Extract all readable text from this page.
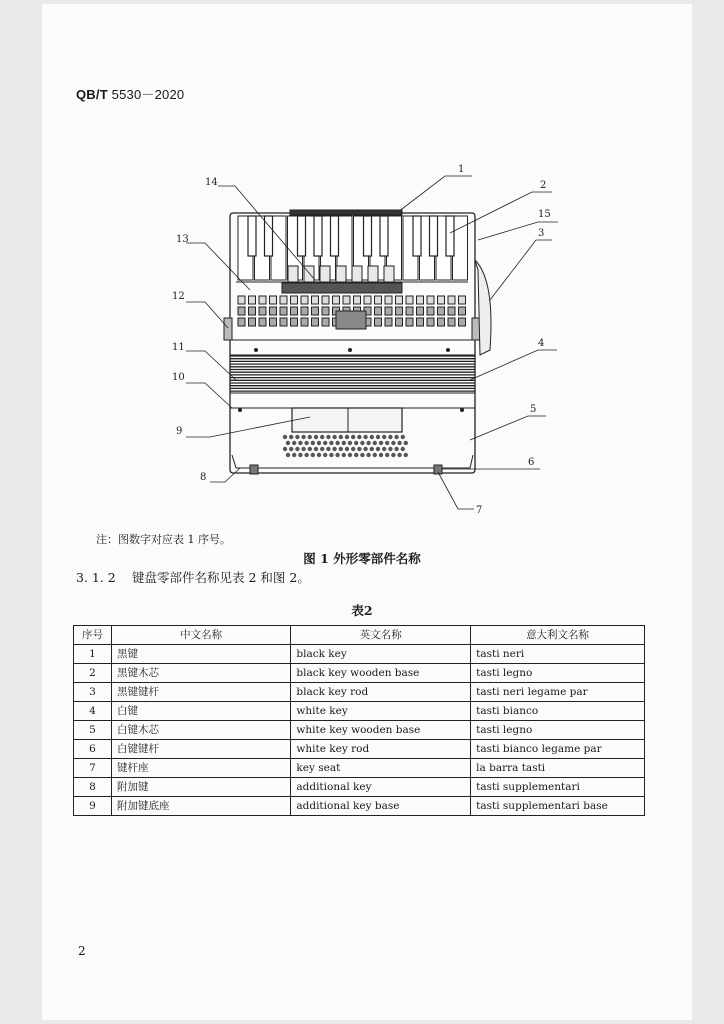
QB/T 5530－2020
1
2
15
3
4
5
6
7
8
9
10
11
12
13
14
注：图数字对应表 1 序号。
图 1 外形零部件名称
3. 1. 2 键盘零部件名称见表 2 和图 2。
表2
序号	中文名称	英文名称	意大利文名称
1	黑键	black key	tasti neri
2	黑键木芯	black key wooden base	tasti legno
3	黑键键杆	black key rod	tasti neri legame par
4	白键	white key	tasti bianco
5	白键木芯	white key wooden base	tasti legno
6	白键键杆	white key rod	tasti bianco legame par
7	键杆座	key seat	la barra tasti
8	附加键	additional key	tasti supplementari
9	附加键底座	additional key base	tasti supplementari base
2
